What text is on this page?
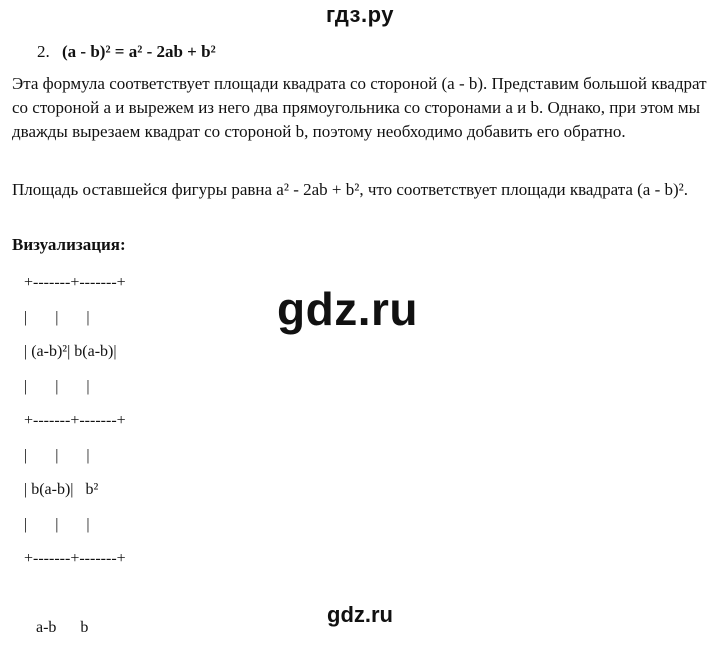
гдз.ру
2. (a - b)² = a² - 2ab + b²
Эта формула соответствует площади квадрата со стороной (a - b). Представим большой квадрат со стороной a и вырежем из него два прямоугольника со сторонами a и b. Однако, при этом мы дважды вырезаем квадрат со стороной b, поэтому необходимо добавить его обратно.
Площадь оставшейся фигуры равна a² - 2ab + b², что соответствует площади квадрата (a - b)².
Визуализация:
+-------+-------+
|       |       |
| (a-b)²| b(a-b)|
|       |       |
+-------+-------+
|       |       |
| b(a-b)|   b²
|       |       |
+-------+-------+

a-b      b
gdz.ru
gdz.ru
